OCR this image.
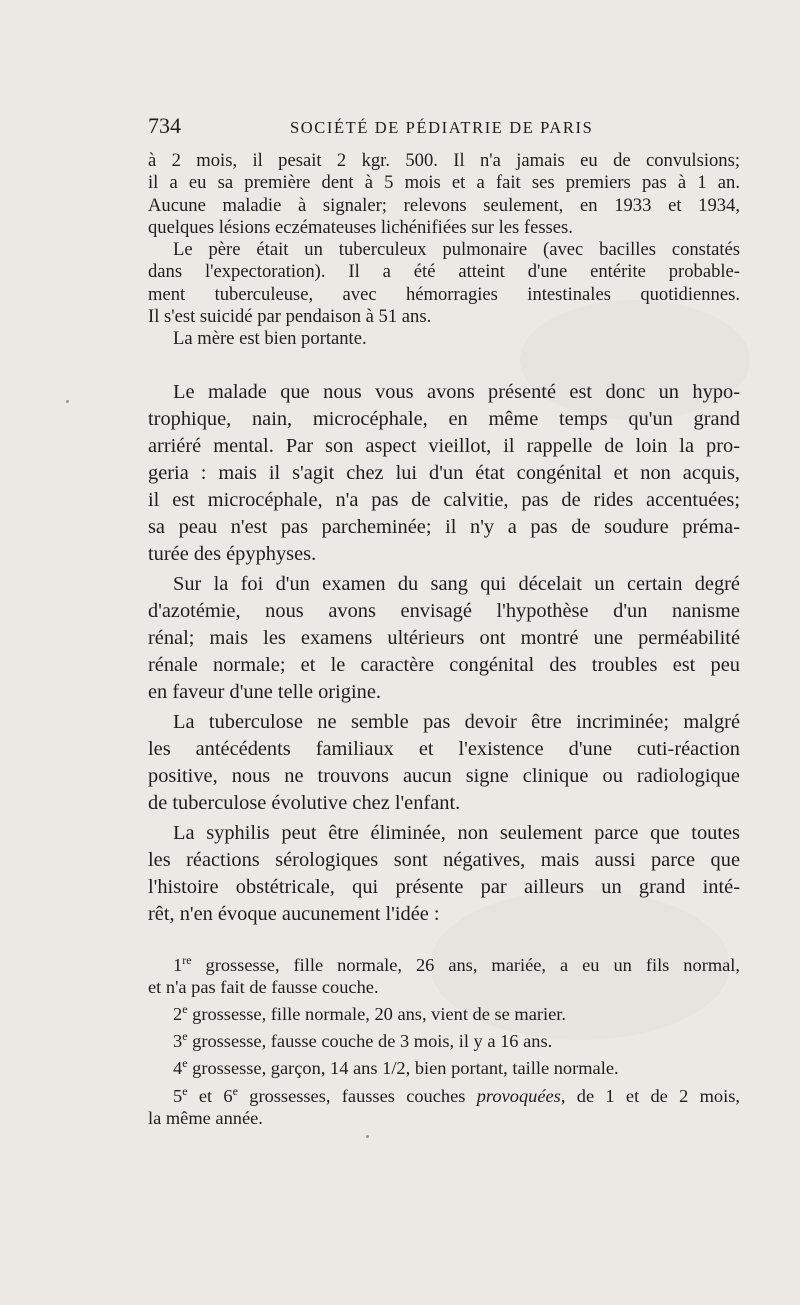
734	SOCIÉTÉ DE PÉDIATRIE DE PARIS

à 2 mois, il pesait 2 kgr. 500. Il n'a jamais eu de convulsions;
il a eu sa première dent à 5 mois et a fait ses premiers pas à 1 an.
Aucune maladie à signaler; relevons seulement, en 1933 et 1934,
quelques lésions eczémateuses lichénifiées sur les fesses.

Le père était un tuberculeux pulmonaire (avec bacilles constatés
dans l'expectoration). Il a été atteint d'une entérite probable-
ment tuberculeuse, avec hémorragies intestinales quotidiennes.
Il s'est suicidé par pendaison à 51 ans.

La mère est bien portante.

Le malade que nous vous avons présenté est donc un hypo-
trophique, nain, microcéphale, en même temps qu'un grand
arriéré mental. Par son aspect vieillot, il rappelle de loin la pro-
geria : mais il s'agit chez lui d'un état congénital et non acquis,
il est microcéphale, n'a pas de calvitie, pas de rides accentuées;
sa peau n'est pas parcheminée; il n'y a pas de soudure préma-
turée des épyphyses.

Sur la foi d'un examen du sang qui décelait un certain degré
d'azotémie, nous avons envisagé l'hypothèse d'un nanisme
rénal; mais les examens ultérieurs ont montré une perméabilité
rénale normale; et le caractère congénital des troubles est peu
en faveur d'une telle origine.

La tuberculose ne semble pas devoir être incriminée; malgré
les antécédents familiaux et l'existence d'une cuti-réaction
positive, nous ne trouvons aucun signe clinique ou radiologique
de tuberculose évolutive chez l'enfant.

La syphilis peut être éliminée, non seulement parce que toutes
les réactions sérologiques sont négatives, mais aussi parce que
l'histoire obstétricale, qui présente par ailleurs un grand inté-
rêt, n'en évoque aucunement l'idée :

1re grossesse, fille normale, 26 ans, mariée, a eu un fils normal,
et n'a pas fait de fausse couche.

2e grossesse, fille normale, 20 ans, vient de se marier.

3e grossesse, fausse couche de 3 mois, il y a 16 ans.

4e grossesse, garçon, 14 ans 1/2, bien portant, taille normale.

5e et 6e grossesses, fausses couches provoquées, de 1 et de 2 mois,
la même année.
